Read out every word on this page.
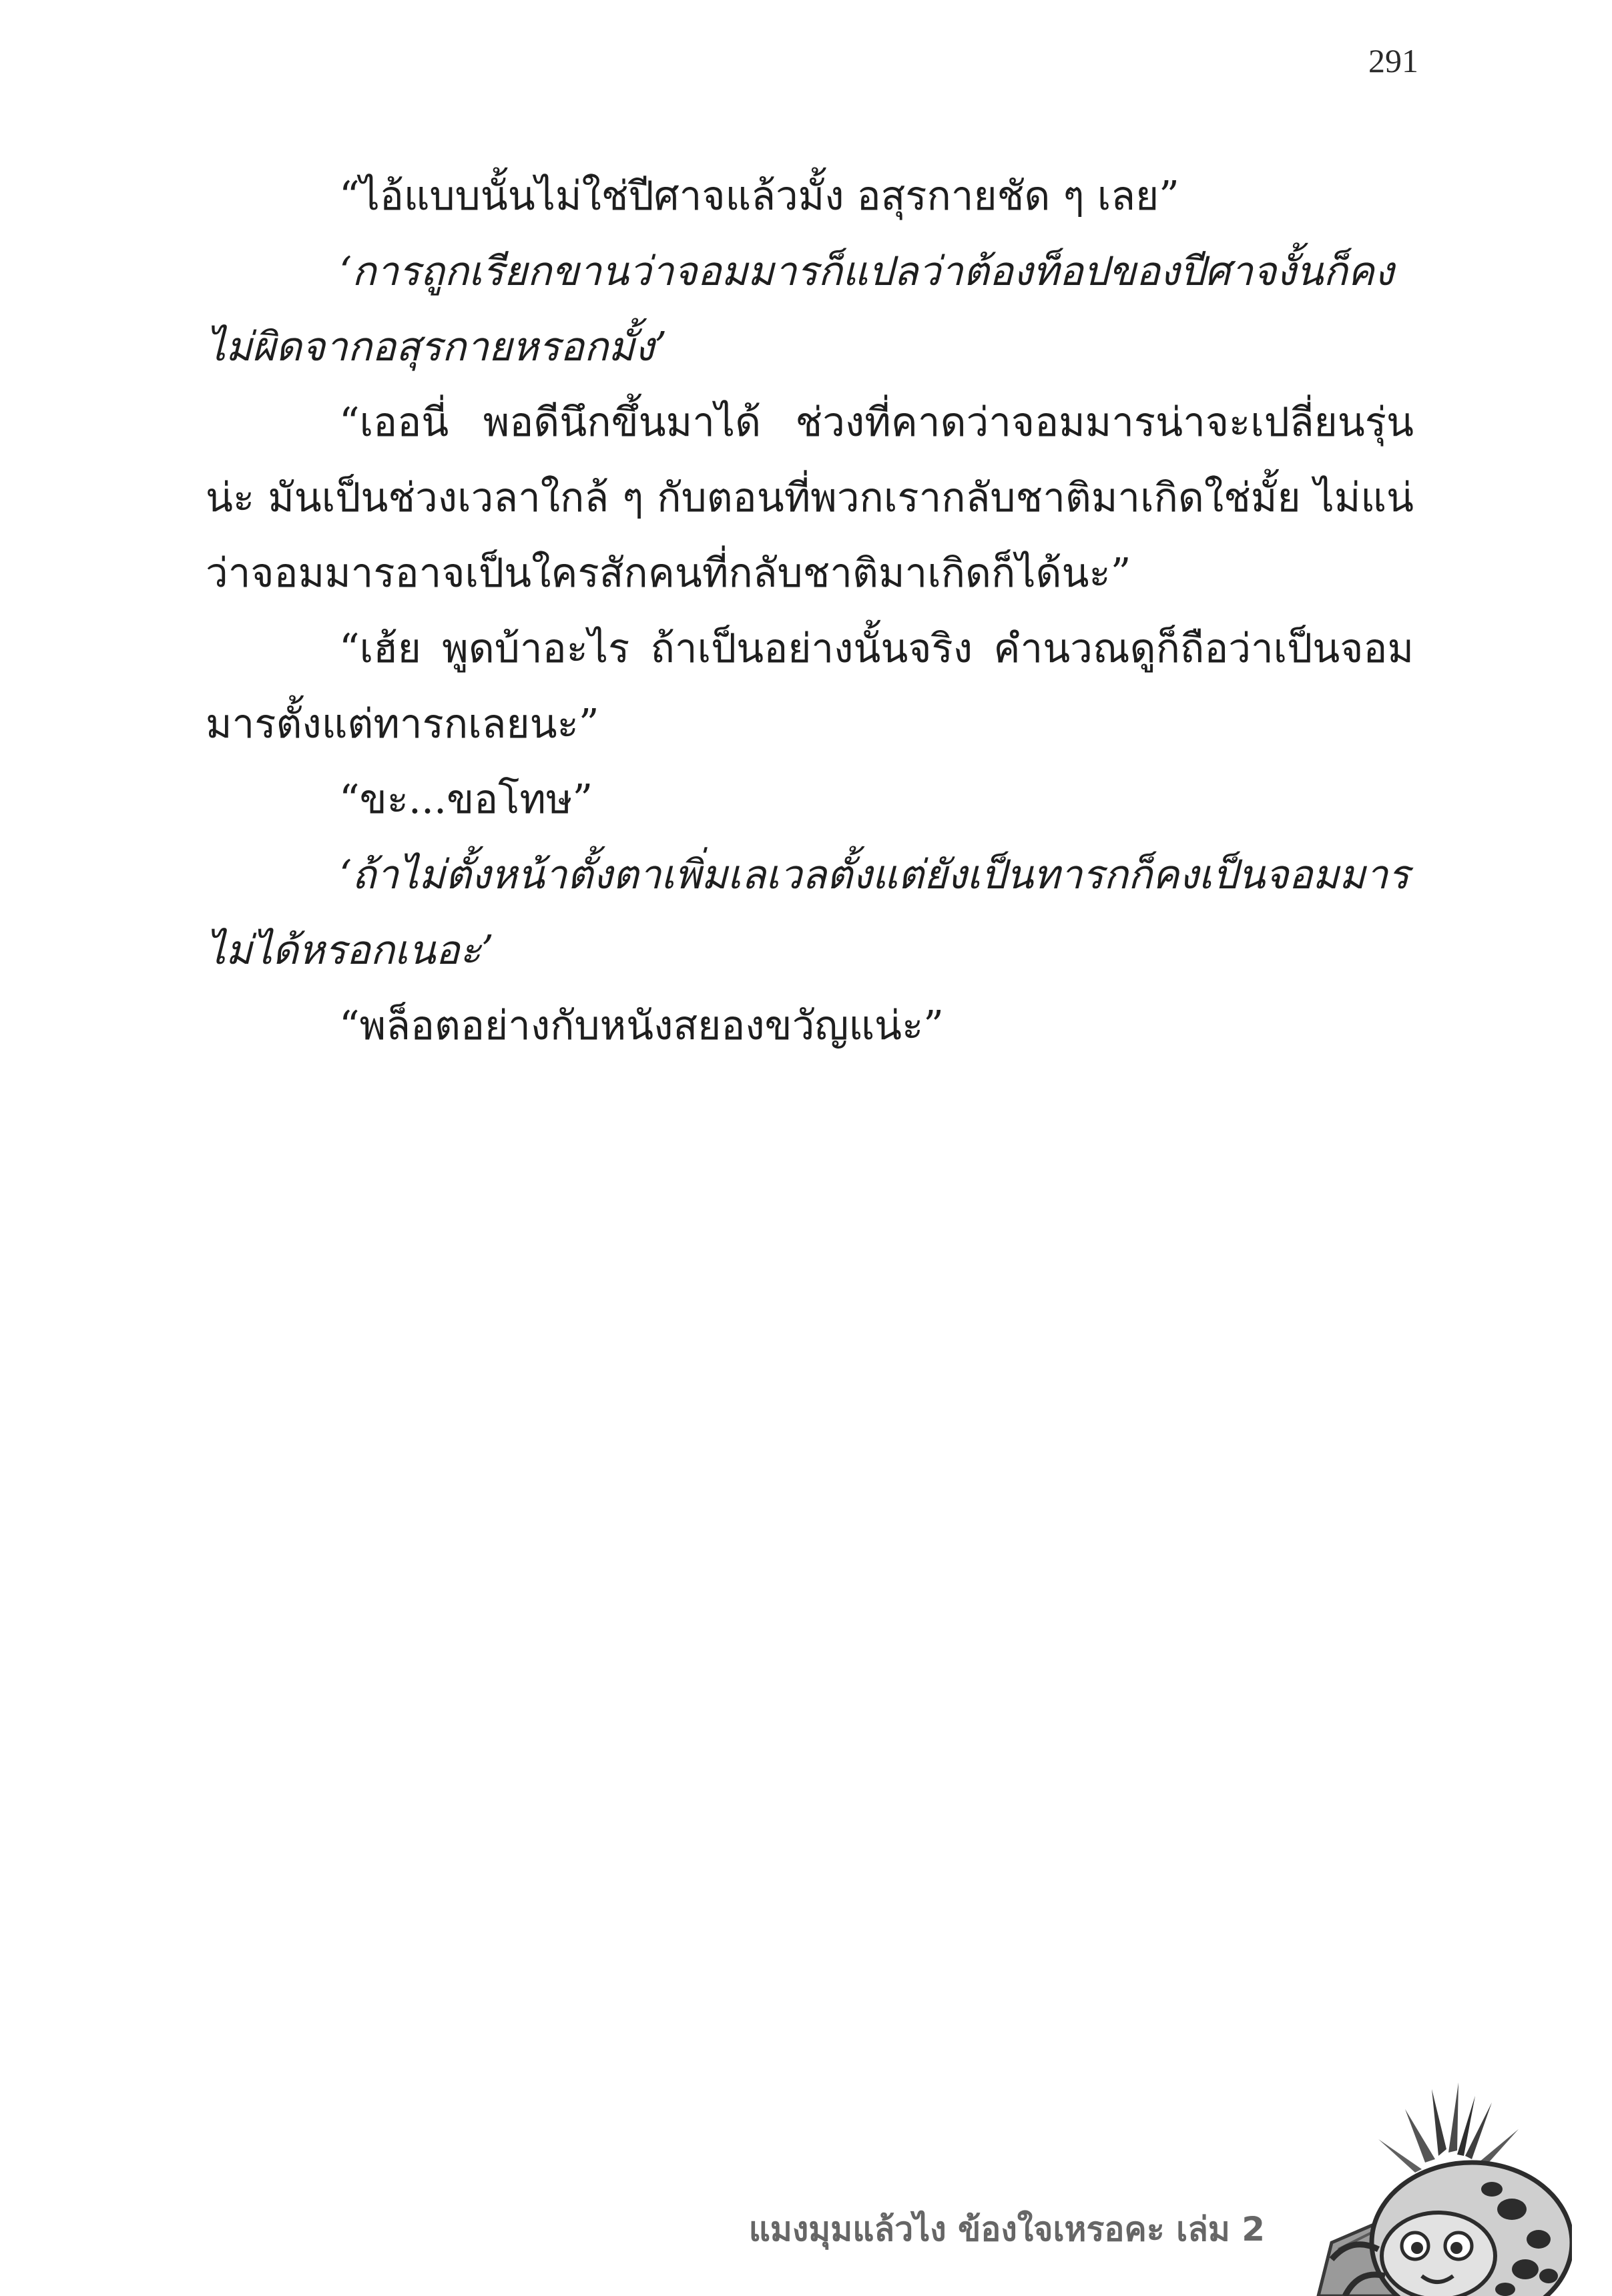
291

“ไอ้แบบนั้นไม่ใช่ปีศาจแล้วมั้ง อสุรกายชัด ๆ เลย”

‘การถูกเรียกขานว่าจอมมารก็แปลว่าต้องท็อปของปีศาจงั้นก็คงไม่ผิดจากอสุรกายหรอกมั้ง’

“เออนี่ พอดีนึกขึ้นมาได้ ช่วงที่คาดว่าจอมมารน่าจะเปลี่ยนรุ่นน่ะ มันเป็นช่วงเวลาใกล้ ๆ กับตอนที่พวกเรากลับชาติมาเกิดใช่มั้ย ไม่แน่ว่าจอมมารอาจเป็นใครสักคนที่กลับชาติมาเกิดก็ได้นะ”

“เฮ้ย พูดบ้าอะไร ถ้าเป็นอย่างนั้นจริง คำนวณดูก็ถือว่าเป็นจอมมารตั้งแต่ทารกเลยนะ”

“ขะ...ขอโทษ”

‘ถ้าไม่ตั้งหน้าตั้งตาเพิ่มเลเวลตั้งแต่ยังเป็นทารกก็คงเป็นจอมมารไม่ได้หรอกเนอะ’

“พล็อตอย่างกับหนังสยองขวัญแน่ะ”

แมงมุมแล้วไง ข้องใจเหรอคะ เล่ม 2
